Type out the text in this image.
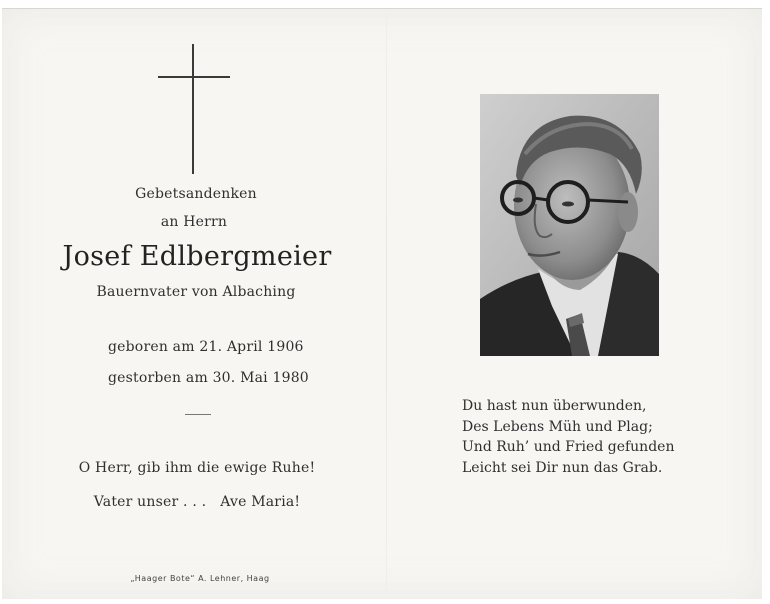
Gebetsandenken
an Herrn
Josef Edlbergmeier
Bauernvater von Albaching
geboren am 21. April 1906
gestorben am 30. Mai 1980
O Herr, gib ihm die ewige Ruhe!
Vater unser . . .   Ave Maria!
„Haager Bote“ A. Lehner, Haag
Du hast nun überwunden,
Des Lebens Müh und Plag;
Und Ruh’ und Fried gefunden
Leicht sei Dir nun das Grab.
